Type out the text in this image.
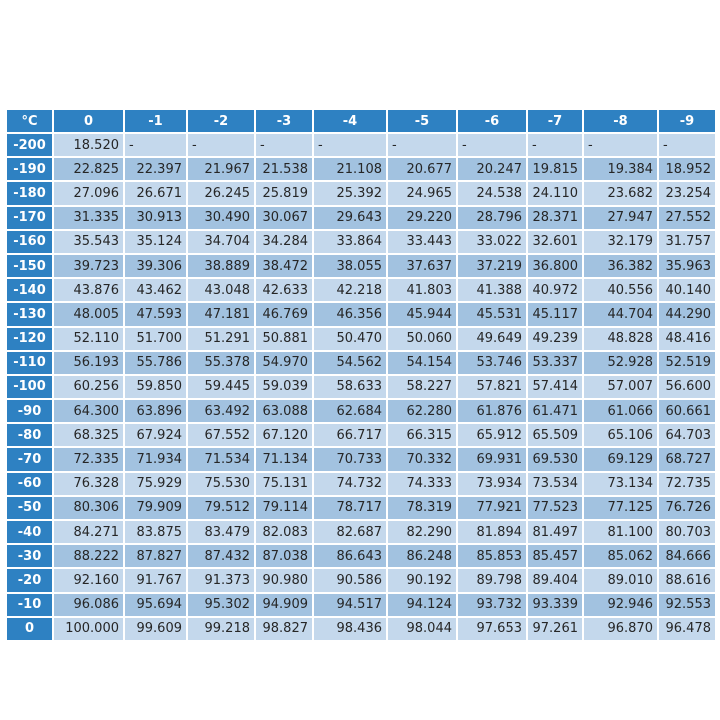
°C	0	-1	-2	-3	-4	-5	-6	-7	-8	-9
-200	18.520	-	-	-	-	-	-	-	-	-
-190	22.825	22.397	21.967	21.538	21.108	20.677	20.247	19.815	19.384	18.952
-180	27.096	26.671	26.245	25.819	25.392	24.965	24.538	24.110	23.682	23.254
-170	31.335	30.913	30.490	30.067	29.643	29.220	28.796	28.371	27.947	27.552
-160	35.543	35.124	34.704	34.284	33.864	33.443	33.022	32.601	32.179	31.757
-150	39.723	39.306	38.889	38.472	38.055	37.637	37.219	36.800	36.382	35.963
-140	43.876	43.462	43.048	42.633	42.218	41.803	41.388	40.972	40.556	40.140
-130	48.005	47.593	47.181	46.769	46.356	45.944	45.531	45.117	44.704	44.290
-120	52.110	51.700	51.291	50.881	50.470	50.060	49.649	49.239	48.828	48.416
-110	56.193	55.786	55.378	54.970	54.562	54.154	53.746	53.337	52.928	52.519
-100	60.256	59.850	59.445	59.039	58.633	58.227	57.821	57.414	57.007	56.600
-90	64.300	63.896	63.492	63.088	62.684	62.280	61.876	61.471	61.066	60.661
-80	68.325	67.924	67.552	67.120	66.717	66.315	65.912	65.509	65.106	64.703
-70	72.335	71.934	71.534	71.134	70.733	70.332	69.931	69.530	69.129	68.727
-60	76.328	75.929	75.530	75.131	74.732	74.333	73.934	73.534	73.134	72.735
-50	80.306	79.909	79.512	79.114	78.717	78.319	77.921	77.523	77.125	76.726
-40	84.271	83.875	83.479	82.083	82.687	82.290	81.894	81.497	81.100	80.703
-30	88.222	87.827	87.432	87.038	86.643	86.248	85.853	85.457	85.062	84.666
-20	92.160	91.767	91.373	90.980	90.586	90.192	89.798	89.404	89.010	88.616
-10	96.086	95.694	95.302	94.909	94.517	94.124	93.732	93.339	92.946	92.553
0	100.000	99.609	99.218	98.827	98.436	98.044	97.653	97.261	96.870	96.478
